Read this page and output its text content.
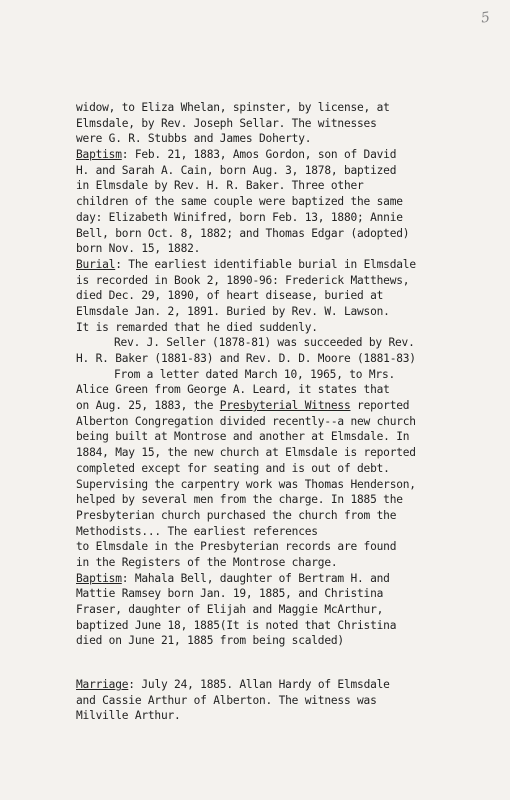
5
widow, to Eliza Whelan, spinster, by license, at
Elmsdale, by Rev. Joseph Sellar. The witnesses
were G. R. Stubbs and James Doherty.
Baptism: Feb. 21, 1883, Amos Gordon, son of David
H. and Sarah A. Cain, born Aug. 3, 1878, baptized
in Elmsdale by Rev. H. R. Baker. Three other
children of the same couple were baptized the same
day: Elizabeth Winifred, born Feb. 13, 1880; Annie
Bell, born Oct. 8, 1882; and Thomas Edgar (adopted)
born Nov. 15, 1882.
Burial: The earliest identifiable burial in Elmsdale
is recorded in Book 2, 1890-96: Frederick Matthews,
died Dec. 29, 1890, of heart disease, buried at
Elmsdale Jan. 2, 1891. Buried by Rev. W. Lawson.
It is remarded that he died suddenly.
Rev. J. Seller (1878-81) was succeeded by Rev.
H. R. Baker (1881-83) and Rev. D. D. Moore (1881-83)
From a letter dated March 10, 1965, to Mrs.
Alice Green from George A. Leard, it states that
on Aug. 25, 1883, the Presbyterial Witness reported
Alberton Congregation divided recently--a new church
being built at Montrose and another at Elmsdale. In
1884, May 15, the new church at Elmsdale is reported
completed except for seating and is out of debt.
Supervising the carpentry work was Thomas Henderson,
helped by several men from the charge. In 1885 the
Presbyterian church purchased the church from the
Methodists... The earliest references
to Elmsdale in the Presbyterian records are found
in the Registers of the Montrose charge.
Baptism: Mahala Bell, daughter of Bertram H. and
Mattie Ramsey born Jan. 19, 1885, and Christina
Fraser, daughter of Elijah and Maggie McArthur,
baptized June 18, 1885(It is noted that Christina
died on June 21, 1885 from being scalded)
Marriage: July 24, 1885. Allan Hardy of Elmsdale
and Cassie Arthur of Alberton. The witness was
Milville Arthur.
